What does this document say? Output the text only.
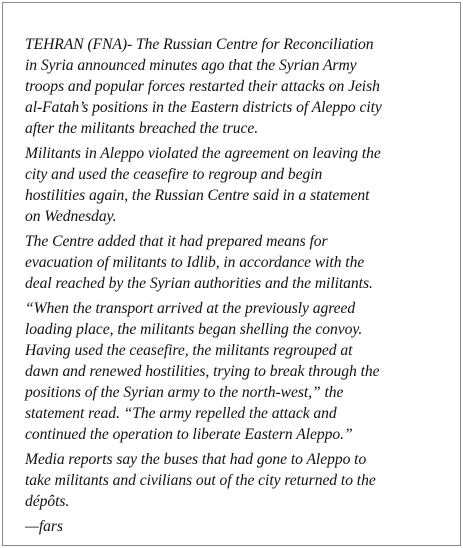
TEHRAN (FNA)- The Russian Centre for Reconciliation
in Syria announced minutes ago that the Syrian Army
troops and popular forces restarted their attacks on Jeish
al-Fatah’s positions in the Eastern districts of Aleppo city
after the militants breached the truce.

Militants in Aleppo violated the agreement on leaving the
city and used the ceasefire to regroup and begin
hostilities again, the Russian Centre said in a statement
on Wednesday.

The Centre added that it had prepared means for
evacuation of militants to Idlib, in accordance with the
deal reached by the Syrian authorities and the militants.

“When the transport arrived at the previously agreed
loading place, the militants began shelling the convoy.
Having used the ceasefire, the militants regrouped at
dawn and renewed hostilities, trying to break through the
positions of the Syrian army to the north-west,” the
statement read. “The army repelled the attack and
continued the operation to liberate Eastern Aleppo.”

Media reports say the buses that had gone to Aleppo to
take militants and civilians out of the city returned to the
dépôts.

—fars
